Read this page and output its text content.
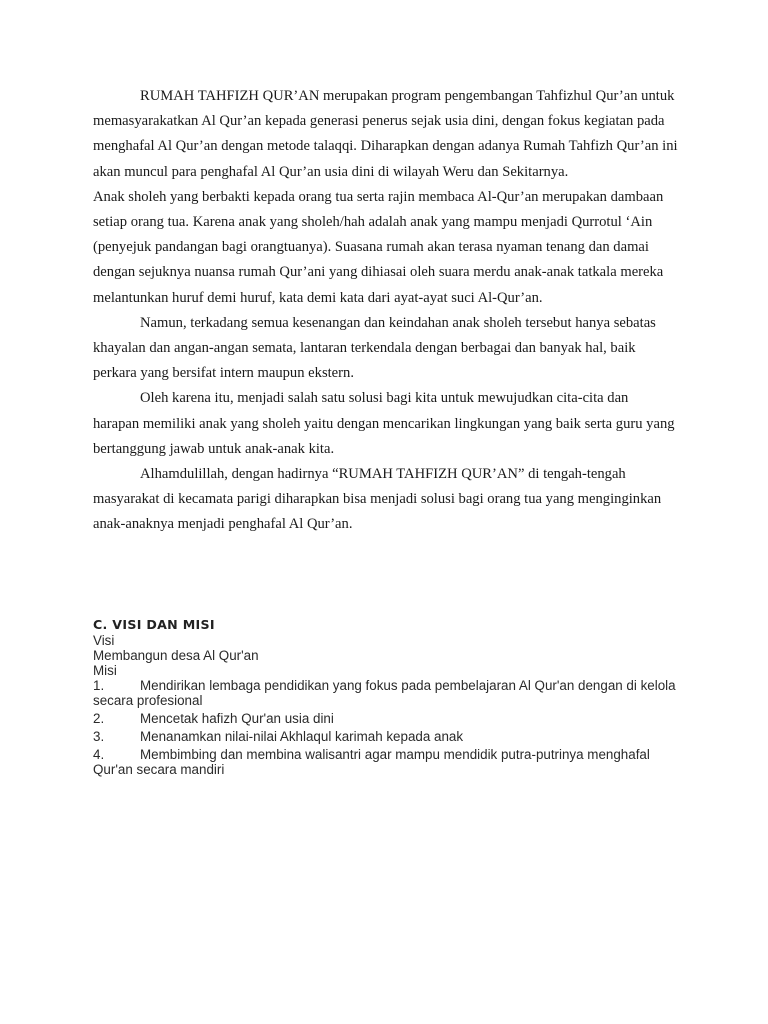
RUMAH TAHFIZH QUR’AN merupakan program pengembangan Tahfizhul Qur’an untuk memasyarakatkan Al Qur’an kepada generasi penerus sejak usia dini, dengan fokus kegiatan pada menghafal Al Qur’an dengan metode talaqqi. Diharapkan dengan adanya Rumah Tahfizh Qur’an ini akan muncul para penghafal Al Qur’an usia dini di wilayah Weru dan Sekitarnya.

Anak sholeh yang berbakti kepada orang tua serta rajin membaca Al-Qur’an merupakan dambaan setiap orang tua. Karena anak yang sholeh/hah adalah anak yang mampu menjadi Qurrotul ‘Ain (penyejuk pandangan bagi orangtuanya). Suasana rumah akan terasa nyaman tenang dan damai dengan sejuknya nuansa rumah Qur’ani yang dihiasai oleh suara merdu anak-anak tatkala mereka melantunkan huruf demi huruf, kata demi kata dari ayat-ayat suci Al-Qur’an.

Namun, terkadang semua kesenangan dan keindahan anak sholeh tersebut hanya sebatas khayalan dan angan-angan semata, lantaran terkendala dengan berbagai dan banyak hal, baik perkara yang bersifat intern maupun ekstern.

Oleh karena itu, menjadi salah satu solusi bagi kita untuk mewujudkan cita-cita dan harapan memiliki anak yang sholeh yaitu dengan mencarikan lingkungan yang baik serta guru yang bertanggung jawab untuk anak-anak kita.

Alhamdulillah, dengan hadirnya “RUMAH TAHFIZH QUR’AN” di tengah-tengah masyarakat di kecamata parigi diharapkan bisa menjadi solusi bagi orang tua yang menginginkan anak-anaknya menjadi penghafal Al Qur’an.

C. VISI DAN MISI
Visi
Membangun desa Al Qur'an
Misi
1.	Mendirikan lembaga pendidikan yang fokus pada pembelajaran Al Qur'an dengan di kelola secara profesional
2.	Mencetak hafizh Qur'an usia dini
3.	Menanamkan nilai-nilai Akhlaqul karimah kepada anak
4.	Membimbing dan membina walisantri agar mampu mendidik putra-putrinya menghafal Qur'an secara mandiri
